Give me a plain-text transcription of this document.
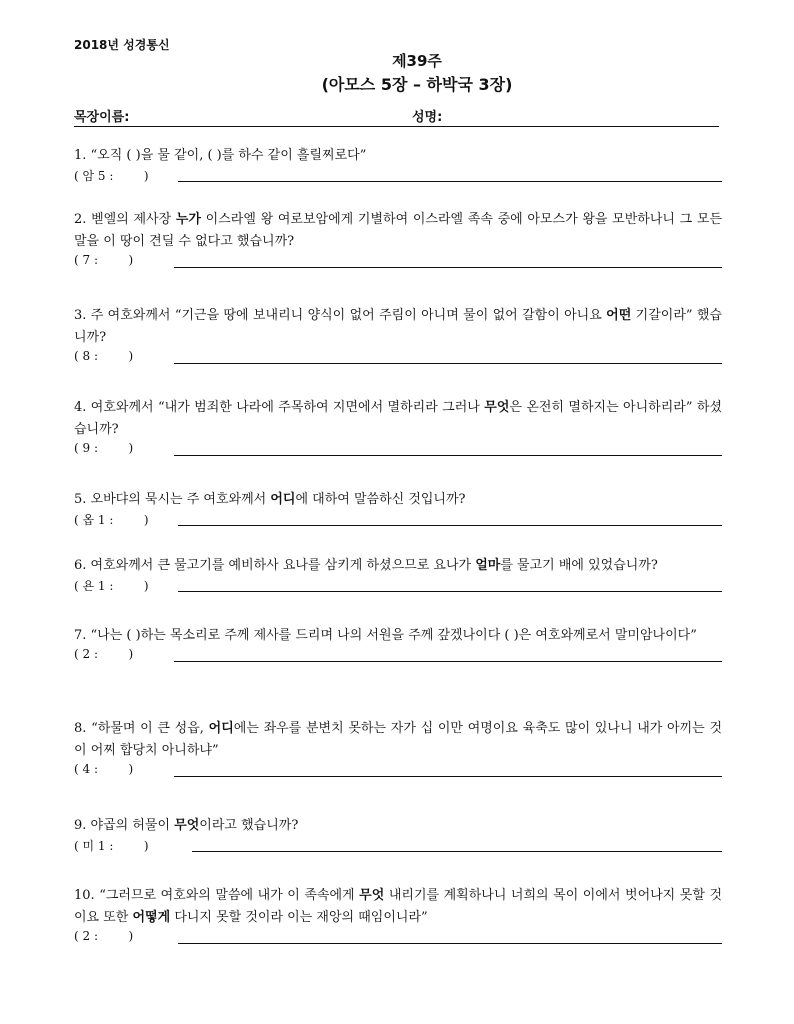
2018년 성경통신
제39주
(아모스 5장 – 하박국 3장)
목장이름:	성명:
1. “오직 ( )을 물 같이, ( )를 하수 같이 흘릴찌로다”
( 암 5 :        )
2. 벧엘의 제사장 누가 이스라엘 왕 여로보암에게 기별하여 이스라엘 족속 중에 아모스가 왕을 모반하나니 그 모든 말을 이 땅이 견딜 수 없다고 했습니까?
( 7 :        )
3. 주 여호와께서 “기근을 땅에 보내리니 양식이 없어 주림이 아니며 물이 없어 갈함이 아니요 어떤 기갈이라” 했습니까?
( 8 :        )
4. 여호와께서 “내가 범죄한 나라에 주목하여 지면에서 멸하리라 그러나 무엇은 온전히 멸하지는 아니하리라” 하셨습니까?
( 9 :        )
5. 오바댜의 묵시는 주 여호와께서 어디에 대하여 말씀하신 것입니까?
( 옵 1 :        )
6. 여호와께서 큰 물고기를 예비하사 요나를 삼키게 하셨으므로 요나가 얼마를 물고기 배에 있었습니까?
( 욘 1 :        )
7. “나는 ( )하는 목소리로 주께 제사를 드리며 나의 서원을 주께 갚겠나이다 ( )은 여호와께로서 말미암나이다”
( 2 :        )
8. “하물며 이 큰 성읍, 어디에는 좌우를 분변치 못하는 자가 십 이만 여명이요 육축도 많이 있나니 내가 아끼는 것이 어찌 합당치 아니하냐”
( 4 :        )
9. 야곱의 허물이 무엇이라고 했습니까?
( 미 1 :        )
10. “그러므로 여호와의 말씀에 내가 이 족속에게 무엇 내리기를 계획하나니 너희의 목이 이에서 벗어나지 못할 것이요 또한 어떻게 다니지 못할 것이라 이는 재앙의 때임이니라”
( 2 :        )
